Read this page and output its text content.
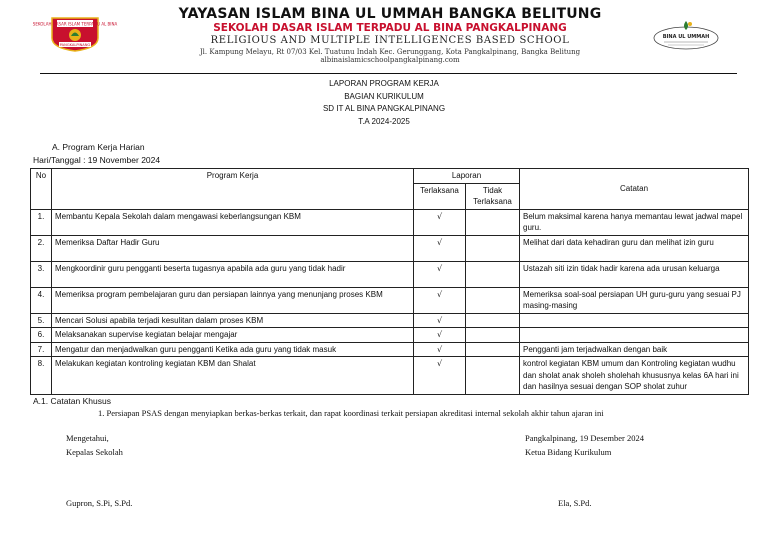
SEKOLAH DASAR ISLAM TERPADU AL BINA
PANGKALPINANG
YAYASAN ISLAM BINA UL UMMAH BANGKA BELITUNG
SEKOLAH DASAR ISLAM TERPADU AL BINA PANGKALPINANG
RELIGIOUS AND MULTIPLE INTELLIGENCES BASED SCHOOL
Jl. Kampung Melayu, Rt 07/03 Kel. Tuatunu Indah Kec. Gerunggang, Kota Pangkalpinang, Bangka Belitung
albinaislamicschoolpangkalpinang.com
BINA UL UMMAH
LAPORAN PROGRAM KERJA
BAGIAN KURIKULUM
SD IT AL BINA PANGKALPINANG
T.A 2024-2025
A. Program Kerja Harian
Hari/Tanggal : 19 November 2024
No	Program Kerja	Laporan		Catatan
		Terlaksana	Tidak Terlaksana	
1.	Membantu Kepala Sekolah dalam mengawasi keberlangsungan KBM	√		Belum maksimal karena hanya memantau lewat jadwal mapel guru.
2.	Memeriksa Daftar Hadir Guru	√		Melihat dari data kehadiran guru dan melihat izin guru
3.	Mengkoordinir guru pengganti beserta tugasnya apabila ada guru yang tidak hadir	√		Ustazah siti izin tidak hadir karena ada urusan keluarga
4.	Memeriksa program pembelajaran guru dan persiapan lainnya yang menunjang proses KBM	√		Memeriksa soal-soal persiapan UH guru-guru yang sesuai PJ masing-masing
5.	Mencari Solusi apabila terjadi kesulitan dalam proses KBM	√		
6.	Melaksanakan supervise kegiatan belajar mengajar	√		
7.	Mengatur dan menjadwalkan guru pengganti Ketika ada guru yang tidak masuk	√		Pengganti jam terjadwalkan dengan baik
8.	Melakukan kegiatan kontroling kegiatan KBM dan Shalat	√		kontrol kegiatan KBM umum dan Kontroling kegiatan wudhu dan sholat anak sholeh sholehah khususnya kelas 6A hari ini dan hasilnya sesuai dengan SOP sholat zuhur
A.1. Catatan Khusus
1. Persiapan PSAS dengan menyiapkan berkas-berkas terkait, dan rapat koordinasi terkait persiapan akreditasi internal sekolah akhir tahun ajaran ini
Mengetahui,
Kepalas Sekolah
Gupron, S.Pi, S.Pd.
Pangkalpinang, 19 Desember 2024
Ketua Bidang Kurikulum
Ela, S.Pd.
